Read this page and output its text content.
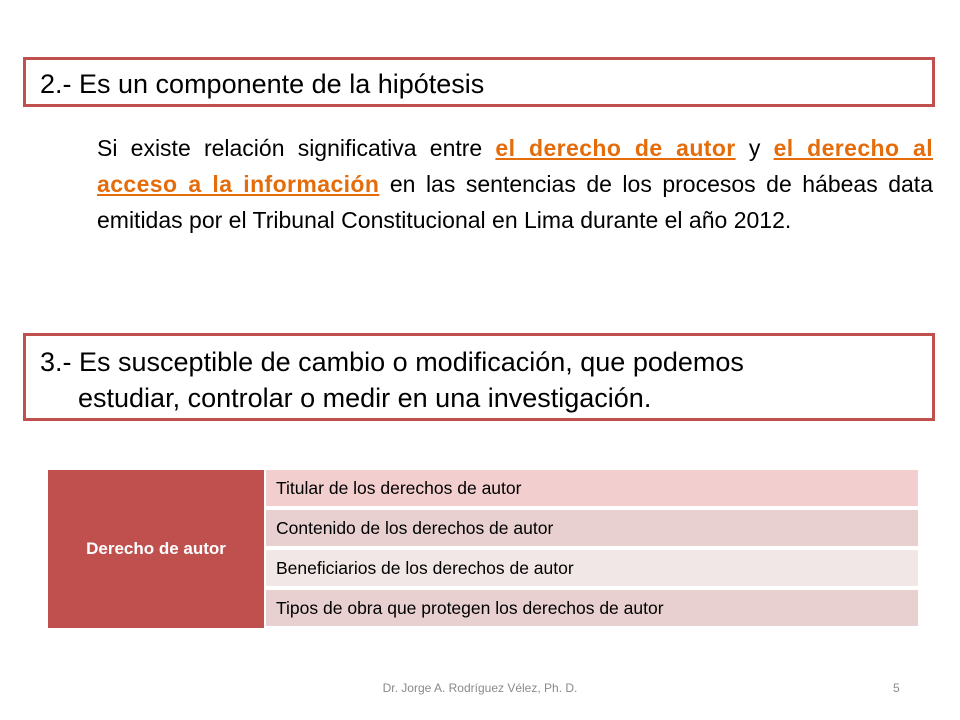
2.- Es un componente de la hipótesis
Si existe relación significativa entre el derecho de autor y el derecho al acceso a la información en las sentencias de los procesos de hábeas data emitidas por el Tribunal Constitucional en Lima durante el año 2012.
3.- Es susceptible de cambio o modificación, que podemos
estudiar, controlar o medir en una investigación.
Derecho de autor
Titular de los derechos de autor
Contenido de los derechos de autor
Beneficiarios de los derechos de autor
Tipos de obra que protegen los derechos de autor
Dr. Jorge A. Rodríguez Vélez, Ph. D.	5
